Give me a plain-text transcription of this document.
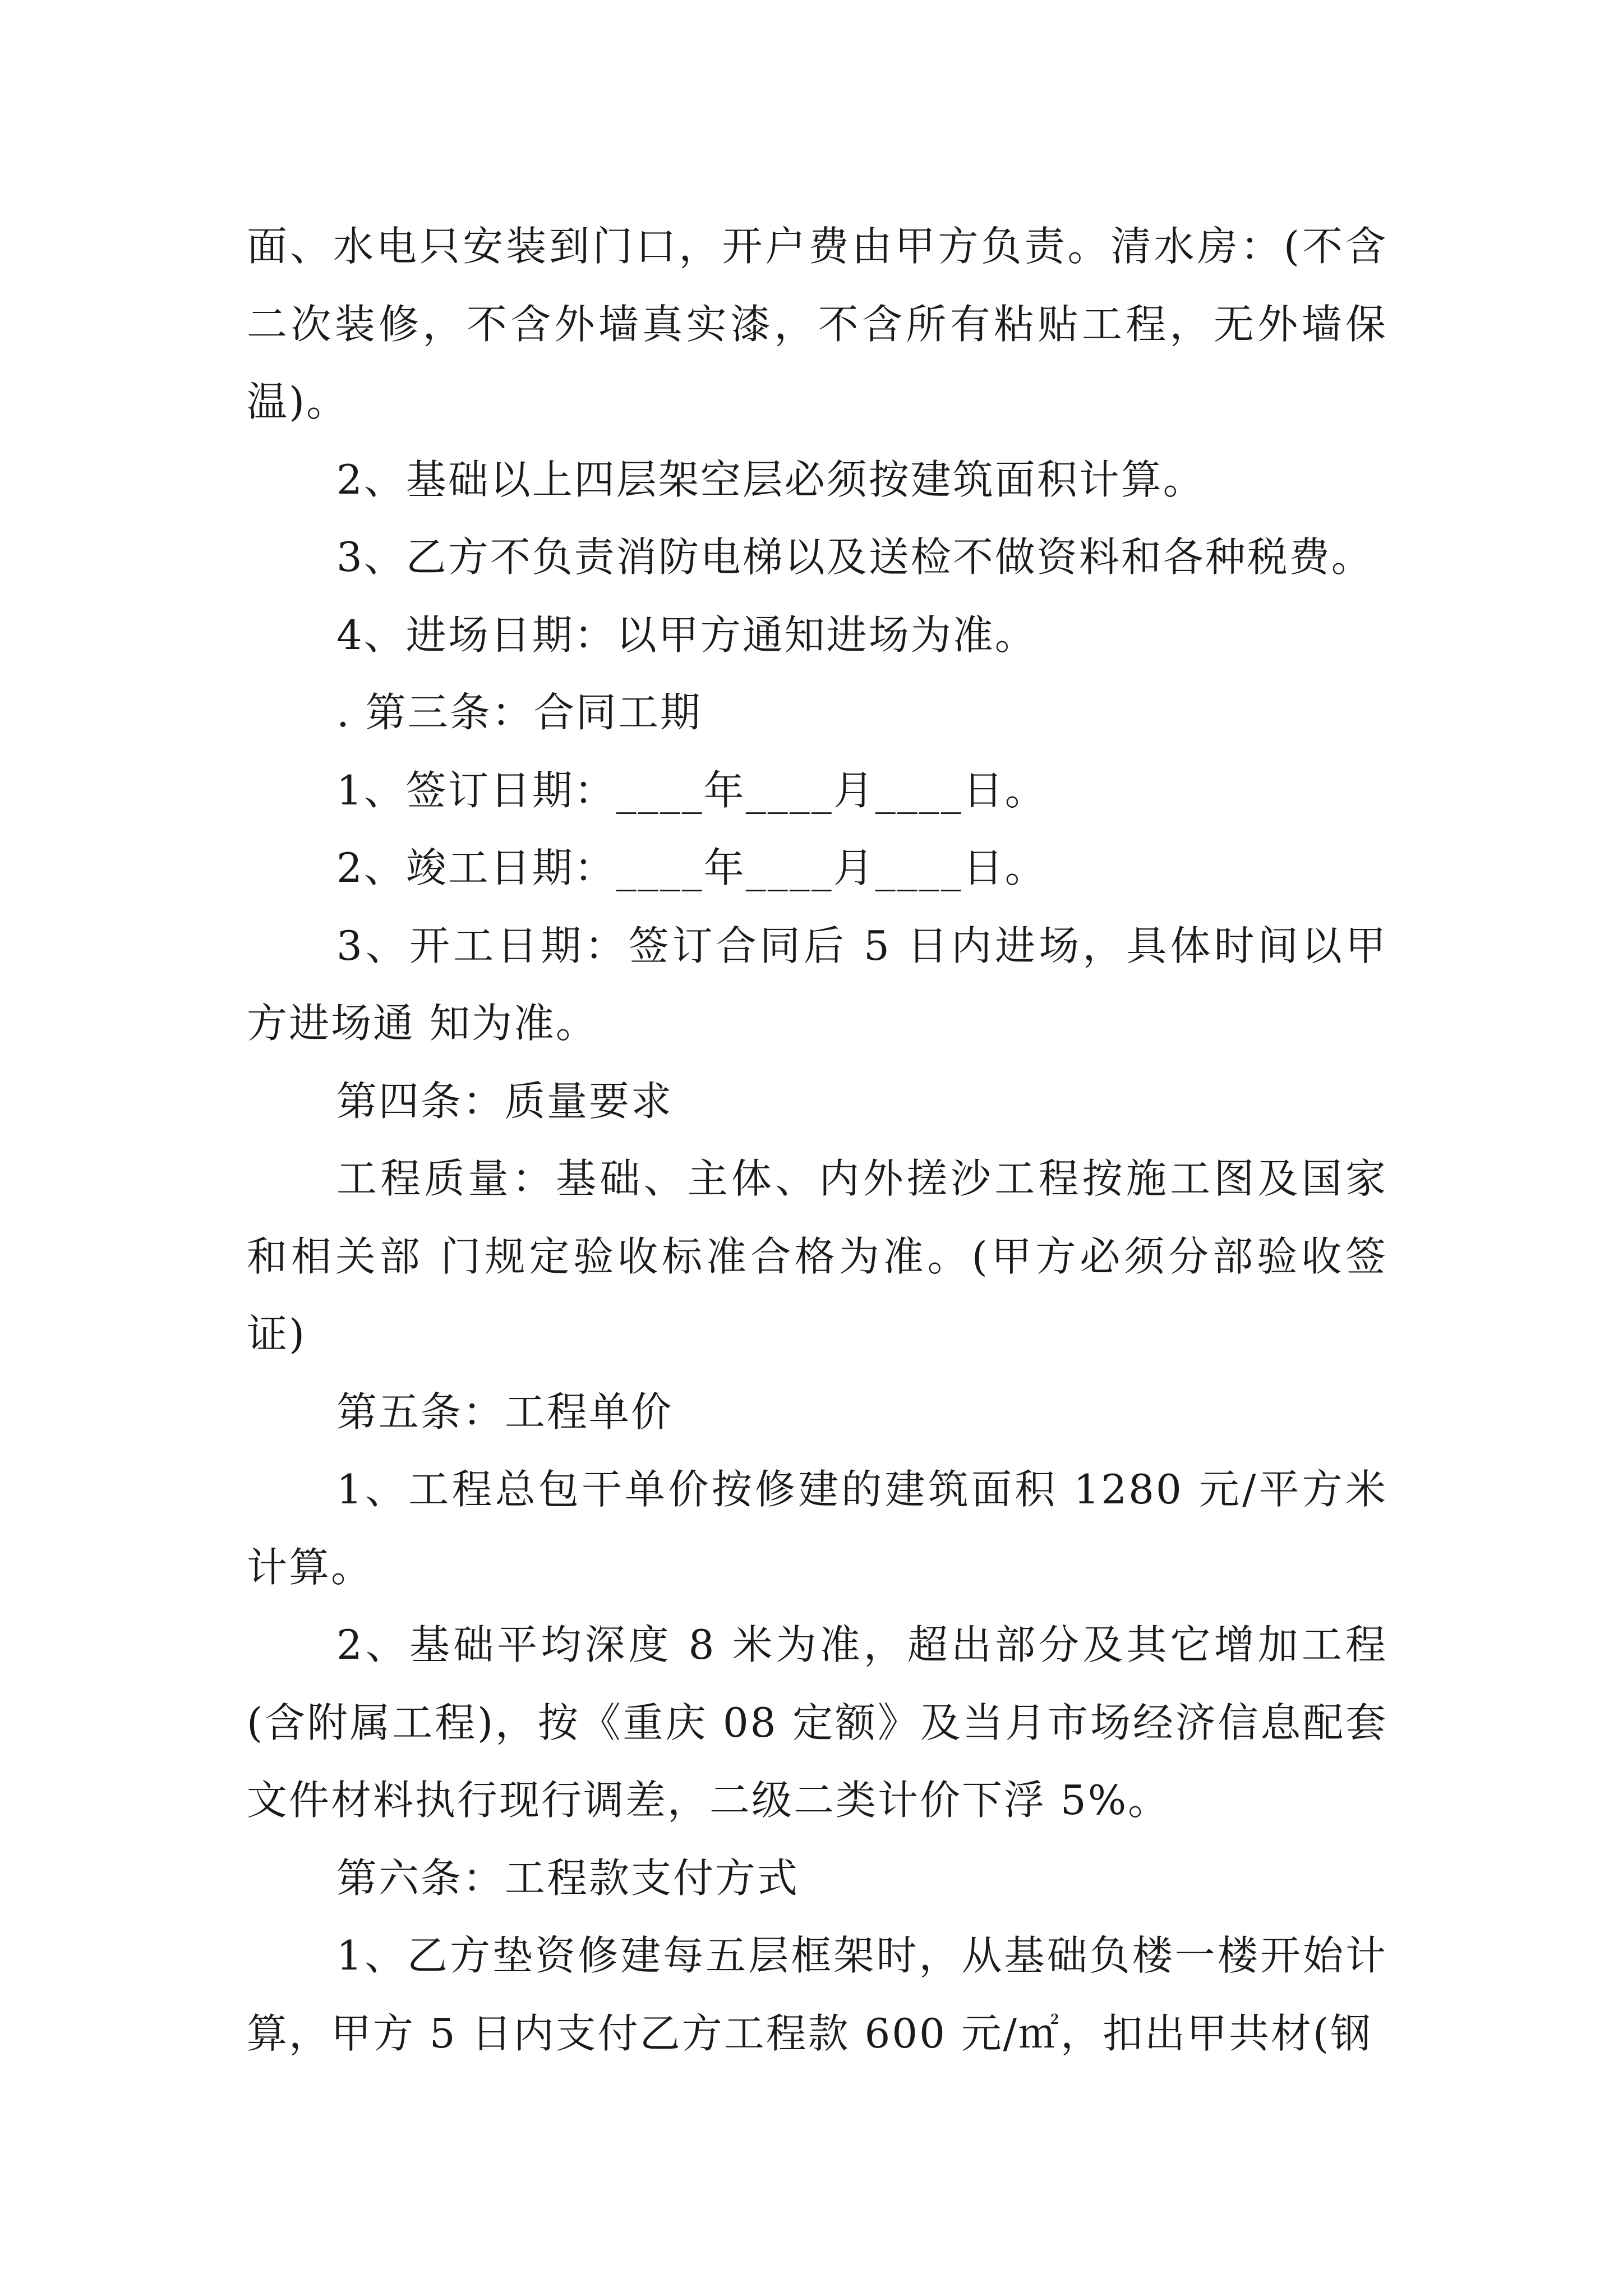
面、水电只安装到门口，开户费由甲方负责。清水房：(不含二次装修，不含外墙真实漆，不含所有粘贴工程，无外墙保温)。

2、基础以上四层架空层必须按建筑面积计算。

3、乙方不负责消防电梯以及送检不做资料和各种税费。

4、进场日期：以甲方通知进场为准。

. 第三条：合同工期

1、签订日期：____年____月____日。

2、竣工日期：____年____月____日。

3、开工日期：签订合同后 5 日内进场，具体时间以甲方进场通 知为准。

第四条：质量要求

工程质量：基础、主体、内外搓沙工程按施工图及国家和相关部 门规定验收标准合格为准。(甲方必须分部验收签证)

第五条：工程单价

1、工程总包干单价按修建的建筑面积 1280 元/平方米计算。

2、基础平均深度 8 米为准，超出部分及其它增加工程(含附属工程)，按《重庆 08 定额》及当月市场经济信息配套文件材料执行现行调差，二级二类计价下浮 5%。

第六条：工程款支付方式

1、乙方垫资修建每五层框架时，从基础负楼一楼开始计算，甲方 5 日内支付乙方工程款 600 元/㎡，扣出甲共材(钢
